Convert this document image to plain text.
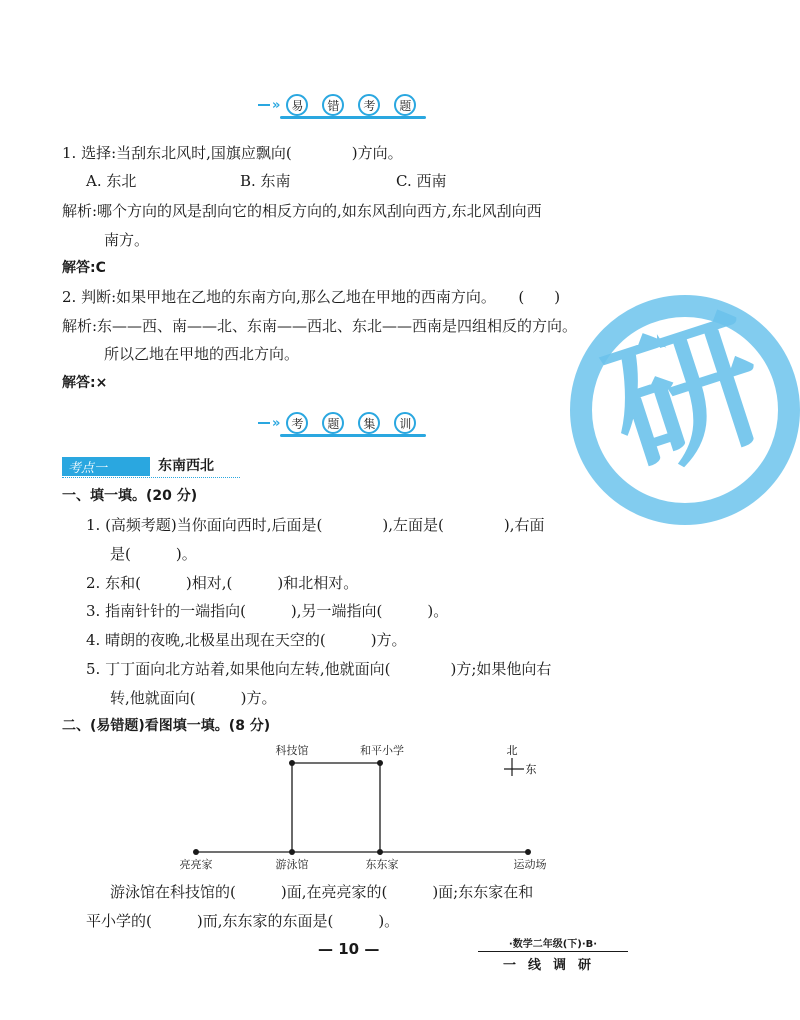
研
» 易	错	考	题
1. 选择:当刮东北风时,国旗应飘向(　　　　)方向。
A. 东北	B. 东南	C. 西南
解析:哪个方向的风是刮向它的相反方向的,如东风刮向西方,东北风刮向西
南方。
解答:C
2. 判断:如果甲地在乙地的东南方向,那么乙地在甲地的西南方向。　　(　　)
解析:东——西、南——北、东南——西北、东北——西南是四组相反的方向。
所以乙地在甲地的西北方向。
解答:×
» 考	题	集	训
考点一	东南西北
一、填一填。(20 分)
1. (高频考题)当你面向西时,后面是(　　　　),左面是(　　　　),右面
是(　　　)。
2. 东和(　　　)相对,(　　　)和北相对。
3. 指南针针的一端指向(　　　),另一端指向(　　　)。
4. 晴朗的夜晚,北极星出现在天空的(　　　)方。
5. 丁丁面向北方站着,如果他向左转,他就面向(　　　　)方;如果他向右
转,他就面向(　　　)方。
二、(易错题)看图填一填。(8 分)
科技馆	和平小学
亮亮家	游泳馆	东东家	运动场
北
东
游泳馆在科技馆的(　　　)面,在亮亮家的(　　　)面;东东家在和
平小学的(　　　)而,东东家的东面是(　　　)。
— 10 —	·数学二年级(下)·B·
一线调研
